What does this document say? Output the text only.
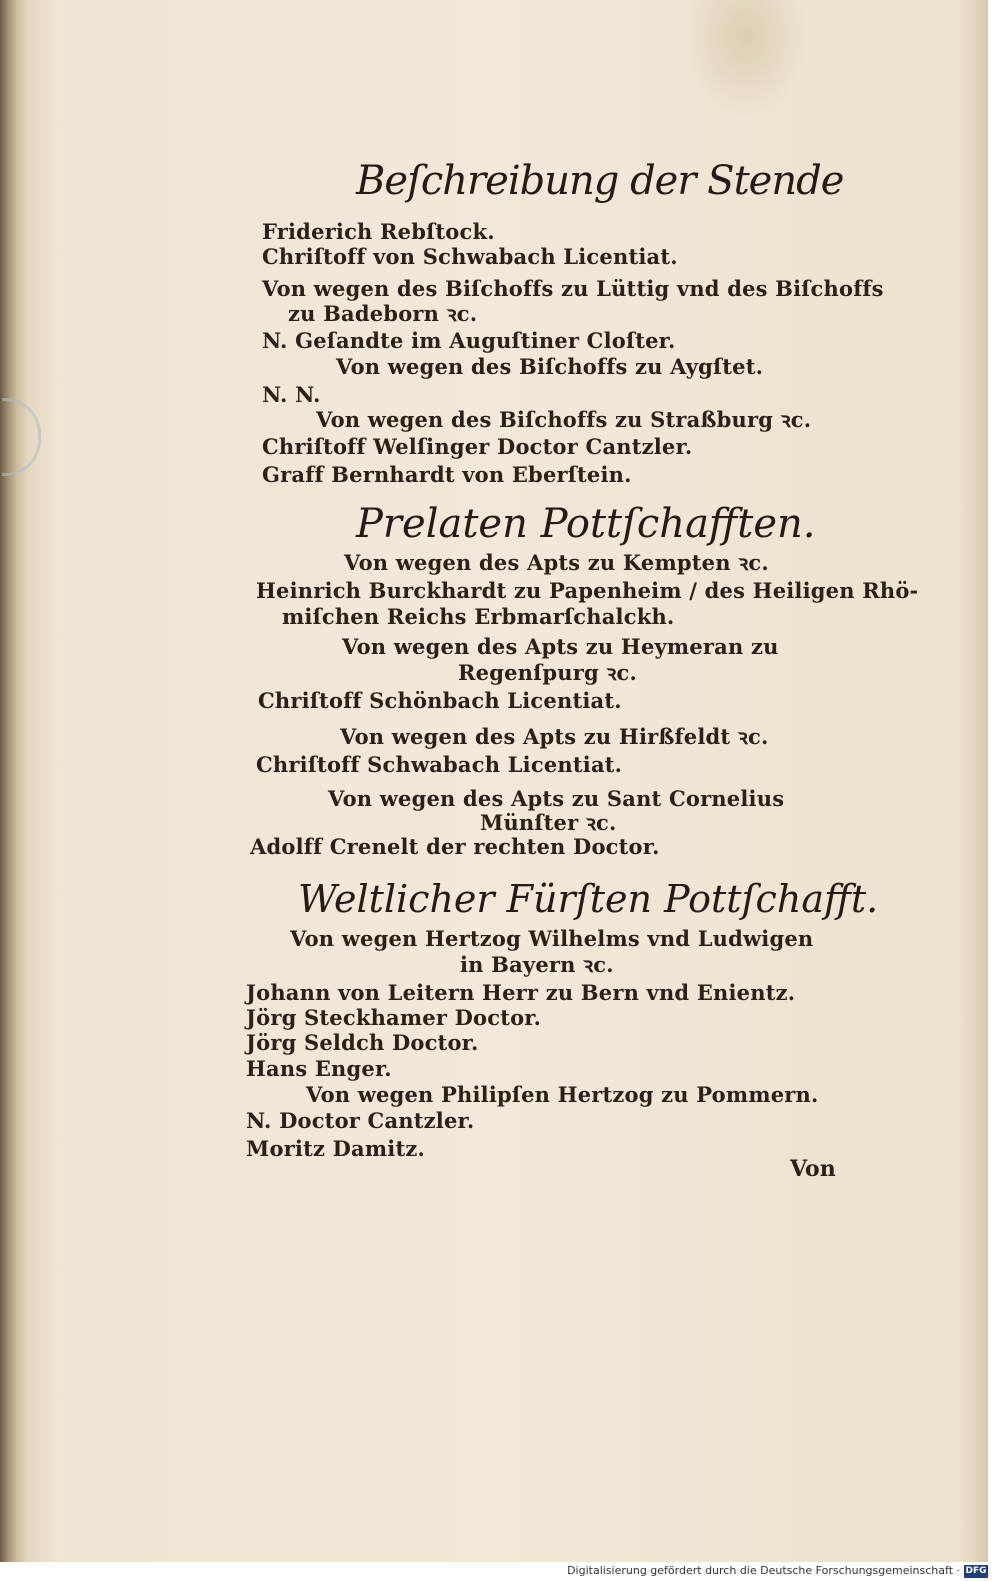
Beſchreibung der Stende
Friderich Rebſtock.
Chriſtoff von Schwabach Licentiat.
Von wegen des Biſchoffs zu Lüttig vnd des Biſchoffs
zu Badeborn ꝛc.
N. Geſandte im Auguſtiner Cloſter.
Von wegen des Biſchoffs zu Aygſtet.
N. N.
Von wegen des Biſchoffs zu Straßburg ꝛc.
Chriſtoff Welſinger Doctor Cantzler.
Graff Bernhardt von Eberſtein.
Prelaten Pottſchafften.
Von wegen des Apts zu Kempten ꝛc.
Heinrich Burckhardt zu Papenheim / des Heiligen Rhö-
miſchen Reichs Erbmarſchalckh.
Von wegen des Apts zu Heymeran zu
Regenſpurg ꝛc.
Chriſtoff Schönbach Licentiat.
Von wegen des Apts zu Hirßfeldt ꝛc.
Chriſtoff Schwabach Licentiat.
Von wegen des Apts zu Sant Cornelius
Münſter ꝛc.
Adolff Crenelt der rechten Doctor.
Weltlicher Fürſten Pottſchafft.
Von wegen Hertzog Wilhelms vnd Ludwigen
in Bayern ꝛc.
Johann von Leitern Herr zu Bern vnd Enientz.
Jörg Steckhamer Doctor.
Jörg Seldch Doctor.
Hans Enger.
Von wegen Philipſen Hertzog zu Pommern.
N. Doctor Cantzler.
Moritz Damitz.
Von
Digitalisierung gefördert durch die Deutsche Forschungsgemeinschaft · DFG
